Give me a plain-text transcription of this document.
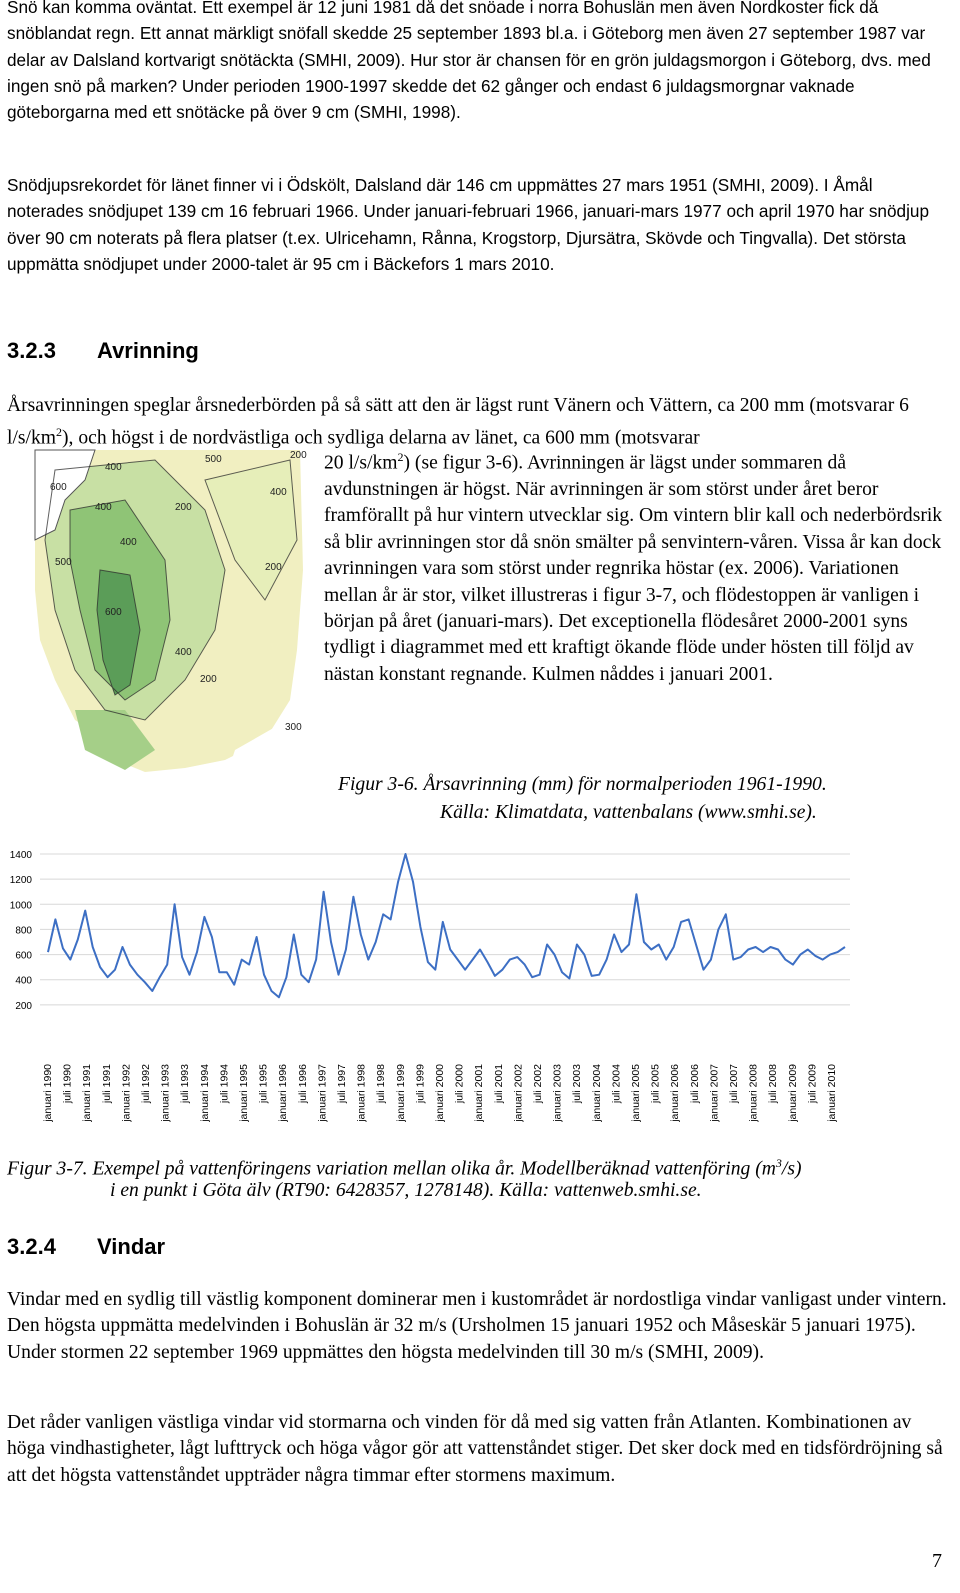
Snö kan komma oväntat. Ett exempel är 12 juni 1981 då det snöade i norra Bohuslän men även Nordkoster fick då snöblandat regn. Ett annat märkligt snöfall skedde 25 september 1893 bl.a. i Göteborg men även 27 september 1987 var delar av Dalsland kortvarigt snötäckta (SMHI, 2009). Hur stor är chansen för en grön juldagsmorgon i Göteborg, dvs. med ingen snö på marken? Under perioden 1900-1997 skedde det 62 gånger och endast 6 juldagsmorgnar vaknade göteborgarna med ett snötäcke på över 9 cm (SMHI, 1998).

Snödjupsrekordet för länet finner vi i Ödskölt, Dalsland där 146 cm uppmättes 27 mars 1951 (SMHI, 2009). I Åmål noterades snödjupet 139 cm 16 februari 1966. Under januari-februari 1966, januari-mars 1977 och april 1970 har snödjup över 90 cm noterats på flera platser (t.ex. Ulricehamn, Rånna, Krogstorp, Djursätra, Skövde och Tingvalla). Det största uppmätta snödjupet under 2000-talet är 95 cm i Bäckefors 1 mars 2010.

3.2.3 Avrinning

Årsavrinningen speglar årsnederbörden på så sätt att den är lägst runt Vänern och Vättern, ca 200 mm (motsvarar 6 $l/s/km^2$), och högst i de nordvästliga och sydliga delarna av länet, ca 600 mm (motsvarar

20 $l/s/km^2$) (se figur 3-6). Avrinningen är lägst under sommaren då avdunstningen är högst. När avrinningen är som störst under året beror framförallt på hur vintern utvecklar sig. Om vintern blir kall och nederbördsrik så blir avrinningen stor då snön smälter på senvintern-våren. Vissa år kan dock avrinningen vara som störst under regnrika höstar (ex. 2006). Variationen mellan år är stor, vilket illustreras i figur 3-7, och flödestoppen är vanligen i början på året (januari-mars). Det exceptionella flödesåret 2000-2001 syns tydligt i diagrammet med ett kraftigt ökande flöde under hösten till följd av nästan konstant regnande. Kulmen nåddes i januari 2001.

400
500	200
600
400	200
400
500	200
400
600
400
200
300

Figur 3-6. Årsavrinning (mm) för normalperioden 1961-1990.

Källa: Klimatdata, vattenbalans (www.smhi.se).

200
400
600
800
1000
1200
1400
januari 1990 juli 1990 januari 1991 juli 1991 januari 1992 juli 1992 januari 1993 juli 1993 januari 1994 juli 1994 januari 1995 juli 1995 januari 1996 juli 1996 januari 1997 juli 1997 januari 1998 juli 1998 januari 1999 juli 1999 januari 2000 juli 2000 januari 2001 juli 2001 januari 2002 juli 2002 januari 2003 juli 2003 januari 2004 juli 2004 januari 2005 juli 2005 januari 2006 juli 2006 januari 2007 juli 2007 januari 2008 juli 2008 januari 2009 juli 2009 januari 2010

Figur 3-7. Exempel på vattenföringens variation mellan olika år. Modellberäknad vattenföring $(m^3/s)$

i en punkt i Göta älv (RT90: 6428357, 1278148). Källa: vattenweb.smhi.se.

3.2.4 Vindar

Vindar med en sydlig till västlig komponent dominerar men i kustområdet är nordostliga vindar vanligast under vintern. Den högsta uppmätta medelvinden i Bohuslän är 32 m/s (Ursholmen 15 januari 1952 och Måseskär 5 januari 1975). Under stormen 22 september 1969 uppmättes den högsta medelvinden till 30 m/s (SMHI, 2009).

Det råder vanligen västliga vindar vid stormarna och vinden för då med sig vatten från Atlanten. Kombinationen av höga vindhastigheter, lågt lufttryck och höga vågor gör att vattenståndet stiger. Det sker dock med en tidsfördröjning så att det högsta vattenståndet uppträder några timmar efter stormens maximum.

7
